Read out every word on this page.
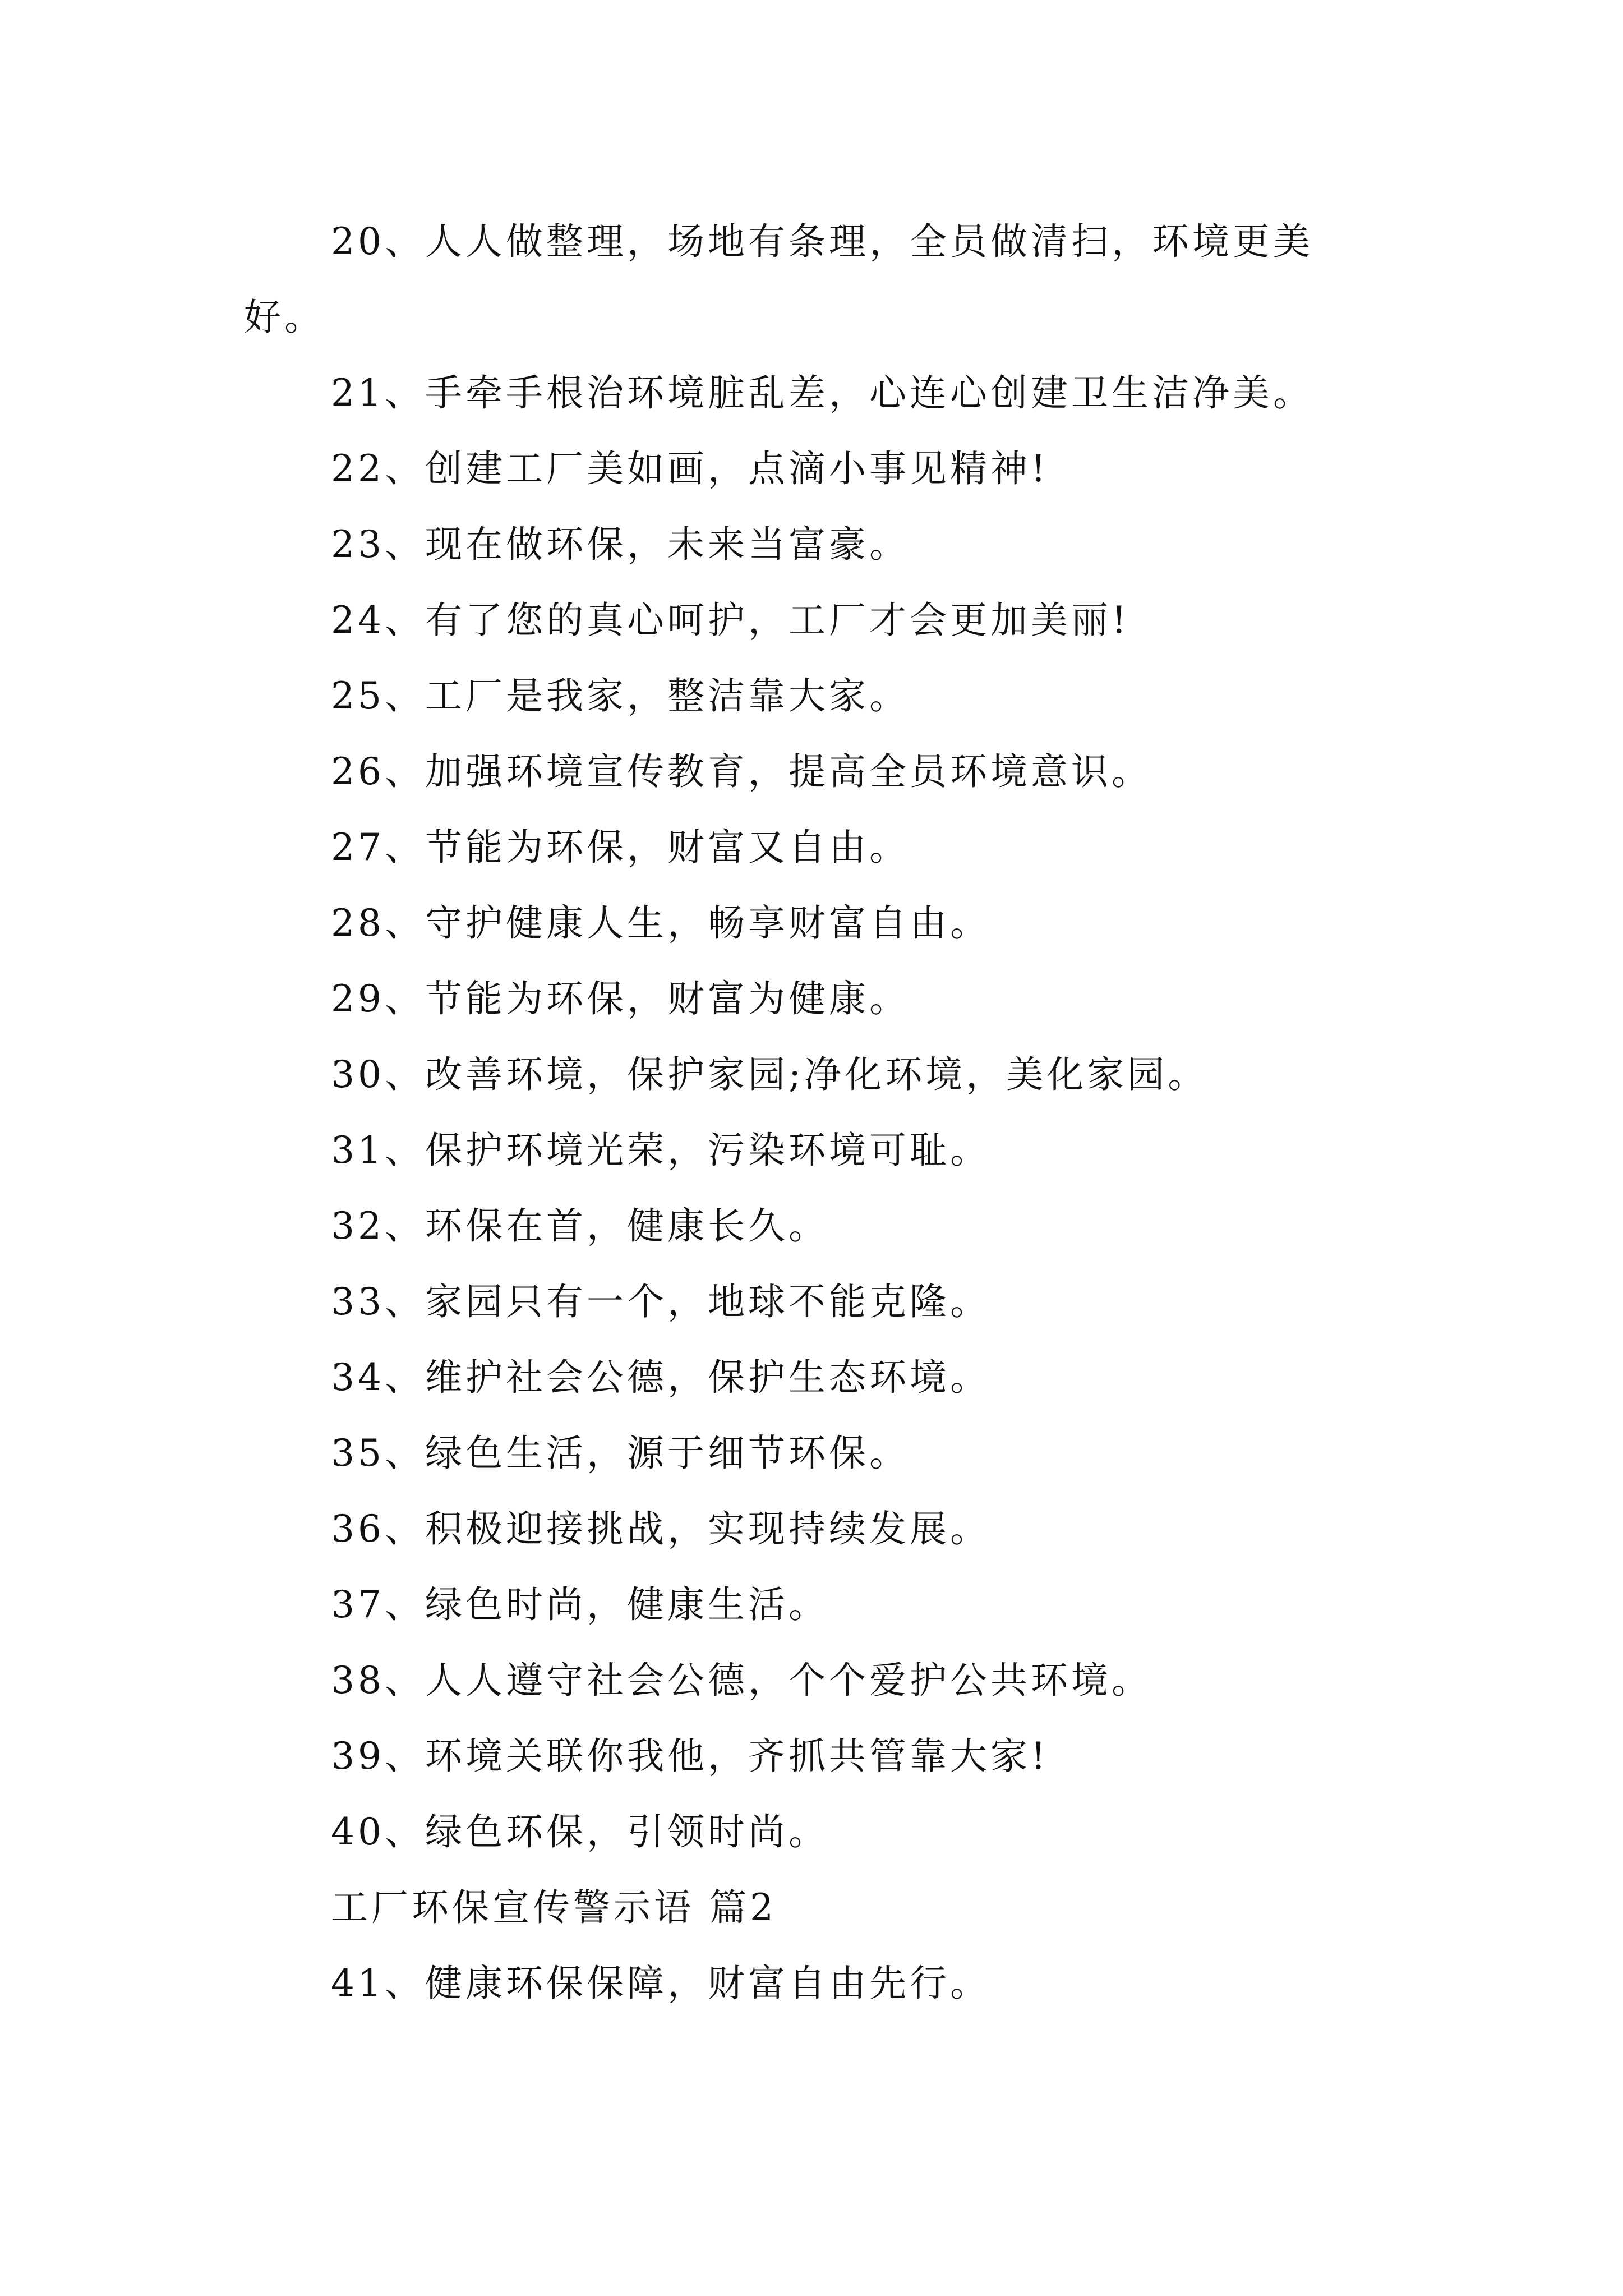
20、人人做整理，场地有条理，全员做清扫，环境更美
好。
21、手牵手根治环境脏乱差，心连心创建卫生洁净美。
22、创建工厂美如画，点滴小事见精神!
23、现在做环保，未来当富豪。
24、有了您的真心呵护，工厂才会更加美丽!
25、工厂是我家，整洁靠大家。
26、加强环境宣传教育，提高全员环境意识。
27、节能为环保，财富又自由。
28、守护健康人生，畅享财富自由。
29、节能为环保，财富为健康。
30、改善环境，保护家园;净化环境，美化家园。
31、保护环境光荣，污染环境可耻。
32、环保在首，健康长久。
33、家园只有一个，地球不能克隆。
34、维护社会公德，保护生态环境。
35、绿色生活，源于细节环保。
36、积极迎接挑战，实现持续发展。
37、绿色时尚，健康生活。
38、人人遵守社会公德，个个爱护公共环境。
39、环境关联你我他，齐抓共管靠大家!
40、绿色环保，引领时尚。
工厂环保宣传警示语 篇2
41、健康环保保障，财富自由先行。
